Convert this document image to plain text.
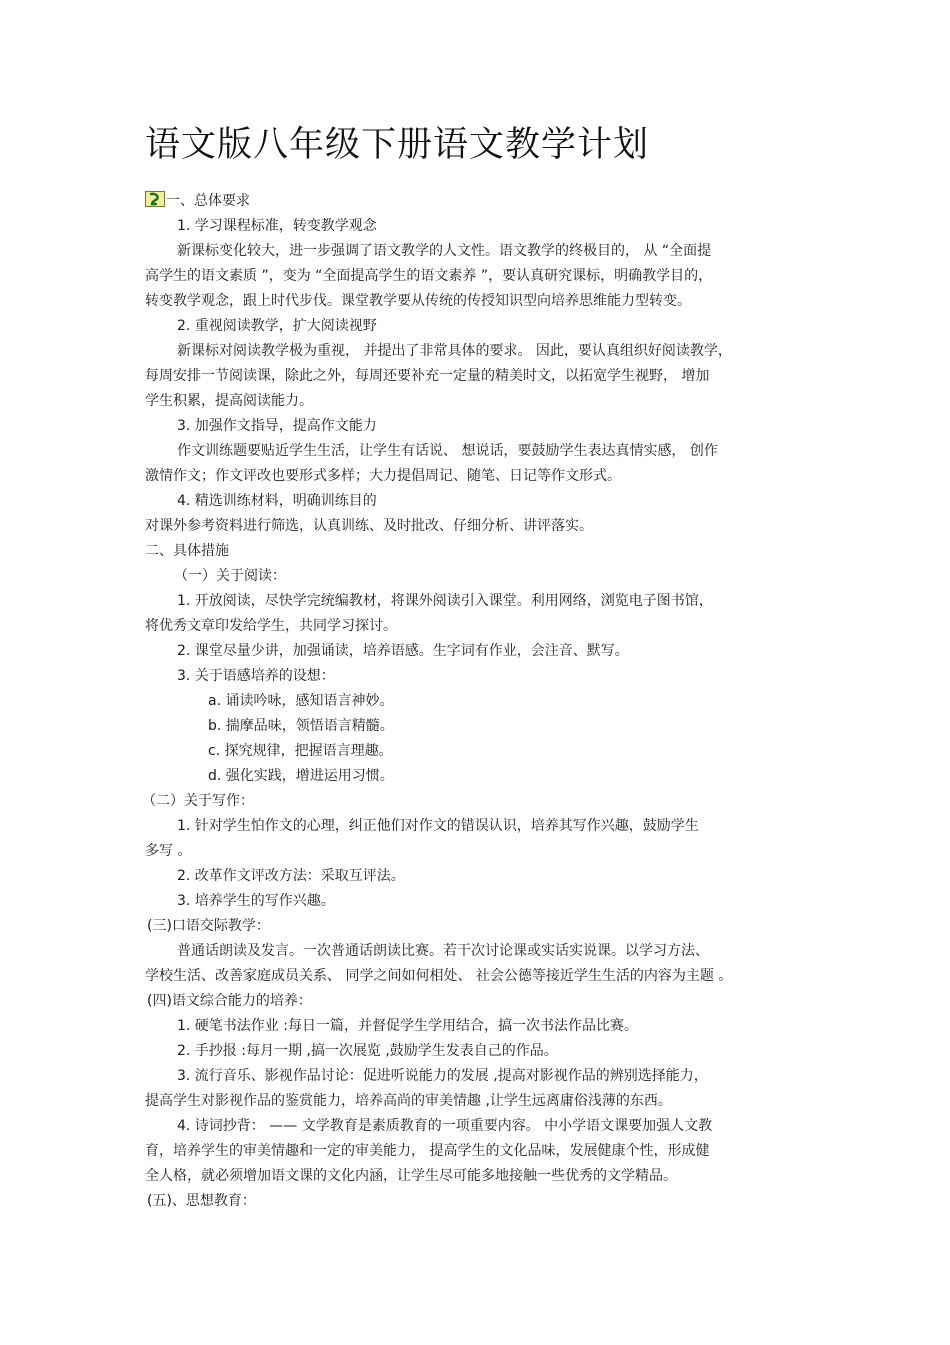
语文版八年级下册语文教学计划
一、总体要求
1. 学习课程标准，转变教学观念
新课标变化较大，进一步强调了语文教学的人文性。语文教学的终极目的， 从 “全面提
高学生的语文素质 ”，变为 “全面提高学生的语文素养 ”，要认真研究课标，明确教学目的，
转变教学观念，跟上时代步伐。课堂教学要从传统的传授知识型向培养思维能力型转变。
2. 重视阅读教学，扩大阅读视野
新课标对阅读教学极为重视， 并提出了非常具体的要求。 因此，要认真组织好阅读教学，
每周安排一节阅读课，除此之外，每周还要补充一定量的精美时文，以拓宽学生视野， 增加
学生积累，提高阅读能力。
3. 加强作文指导，提高作文能力
作文训练题要贴近学生生活，让学生有话说、 想说话，要鼓励学生表达真情实感， 创作
激情作文；作文评改也要形式多样；大力提倡周记、随笔、日记等作文形式。
4. 精选训练材料，明确训练目的
对课外参考资料进行筛选，认真训练、及时批改、仔细分析、讲评落实。
二、具体措施
（一）关于阅读：
1. 开放阅读，尽快学完统编教材，将课外阅读引入课堂。利用网络，浏览电子图书馆，
将优秀文章印发给学生，共同学习探讨。
2. 课堂尽量少讲，加强诵读，培养语感。生字词有作业，会注音、默写。
3. 关于语感培养的设想：
a. 诵读吟咏，感知语言神妙。
b. 揣摩品味，领悟语言精髓。
c. 探究规律，把握语言理趣。
d. 强化实践，增进运用习惯。
（二）关于写作：
1. 针对学生怕作文的心理，纠正他们对作文的错误认识，培养其写作兴趣，鼓励学生
多写 。
2. 改革作文评改方法：采取互评法。
3. 培养学生的写作兴趣。
(三)口语交际教学：
普通话朗读及发言。一次普通话朗读比赛。若干次讨论课或实话实说课。以学习方法、
学校生活、改善家庭成员关系、 同学之间如何相处、 社会公德等接近学生生活的内容为主题 。
(四)语文综合能力的培养：
1. 硬笔书法作业 :每日一篇，并督促学生学用结合，搞一次书法作品比赛。
2. 手抄报 :每月一期 ,搞一次展览 ,鼓励学生发表自己的作品。
3. 流行音乐、影视作品讨论：促进听说能力的发展 ,提高对影视作品的辨别选择能力，
提高学生对影视作品的鉴赏能力，培养高尚的审美情趣 ,让学生远离庸俗浅薄的东西。
4. 诗词抄背： —— 文学教育是素质教育的一项重要内容。 中小学语文课要加强人文教
育，培养学生的审美情趣和一定的审美能力， 提高学生的文化品味，发展健康个性，形成健
全人格，就必须增加语文课的文化内涵，让学生尽可能多地接触一些优秀的文学精品。
(五)、思想教育：
